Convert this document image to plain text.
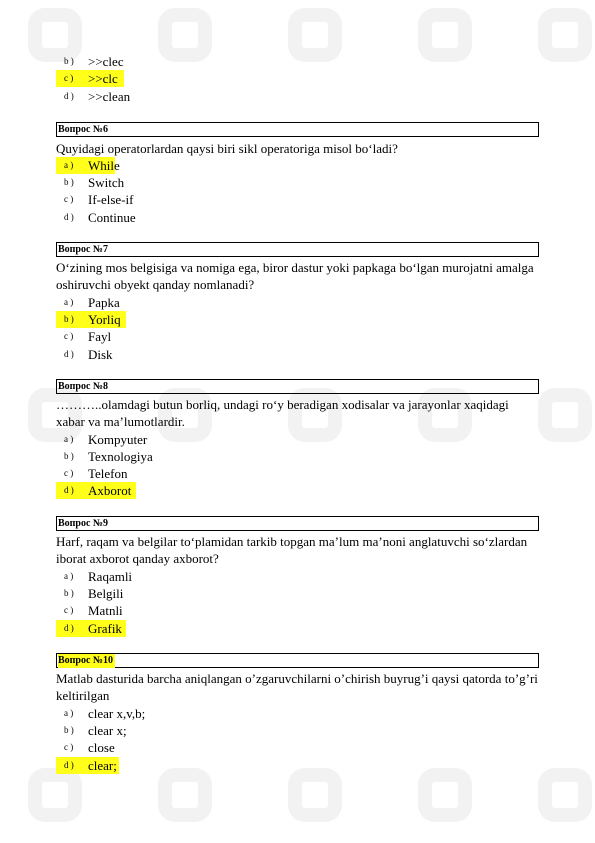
b ) >>clec
c ) >>clc
d ) >>clean
Вопрос №6
Quyidagi operatorlardan qaysi biri sikl operatoriga misol bo‘ladi?
a ) While
b ) Switch
c ) If-else-if
d ) Continue
Вопрос №7
O‘zining mos belgisiga va nomiga ega, biror dastur yoki papkaga bo‘lgan murojatni amalga oshiruvchi obyekt qanday nomlanadi?
a ) Papka
b ) Yorliq
c ) Fayl
d ) Disk
Вопрос №8
………..olamdagi butun borliq, undagi ro‘y beradigan xodisalar va jarayonlar xaqidagi xabar va ma’lumotlardir.
a ) Kompyuter
b ) Texnologiya
c ) Telefon
d ) Axborot
Вопрос №9
Harf, raqam va belgilar to‘plamidan tarkib topgan ma’lum ma’noni anglatuvchi so‘zlardan iborat axborot qanday axborot?
a ) Raqamli
b ) Belgili
c ) Matnli
d ) Grafik
Вопрос №10
Matlab dasturida barcha aniqlangan o’zgaruvchilarni o’chirish buyrug’i qaysi qatorda to’g’ri keltirilgan
a ) clear x,v,b;
b ) clear x;
c ) close
d ) clear;
